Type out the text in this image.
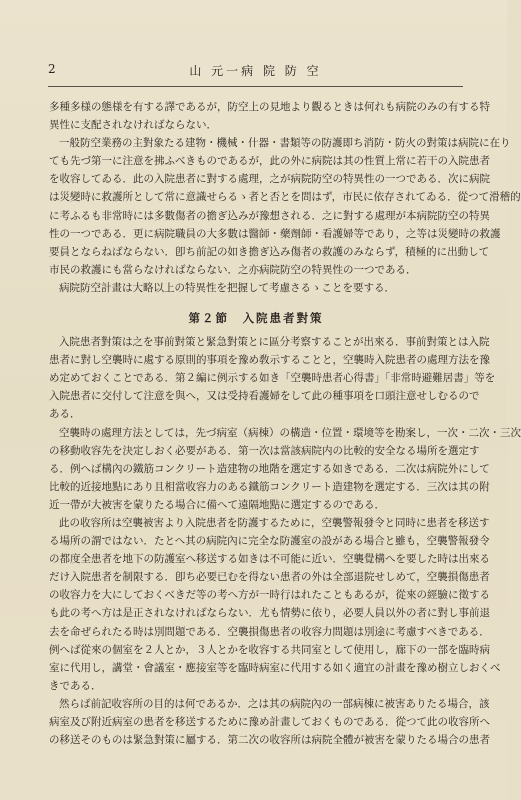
2	山 元一病 院 防 空
多種多様の態様を有する譯であるが，防空上の見地より觀るときは何れも病院のみの有する特
異性に支配されなければならない．
一般防空業務の主對象たる建物・機械・什器・書類等の防護即ち消防・防火の對策は病院に在り
ても先づ第一に注意を拂ふべきものであるが，此の外に病院は其の性質上常に若干の入院患者
を收容してゐる．此の入院患者に對する處理，之が病院防空の特異性の一つである．次に病院
は災變時に救護所として常に意識せらるゝ者と否とを問はず，市民に依存されてゐる．從つて滑稽的
に考ふるも非常時には多數傷者の擔ぎ込みが豫想される．之に對する處理が本病院防空の特異
性の一つである．更に病院職員の大多數は醫師・藥劑師・看護婦等であり，之等は災變時の救護
要員とならねばならない．卽ち前記の如き擔ぎ込み傷者の救護のみならず，積極的に出動して
市民の救護にも當らなければならない．之亦病院防空の特異性の一つである．
病院防空計畫は大略以上の特異性を把握して考慮さるゝことを要する．
第２節　入院患者對策
入院患者對策は之を事前對策と緊急對策とに區分考察することが出來る．事前對策とは入院
患者に對し空襲時に處する原則的事項を豫め敎示することと，空襲時入院患者の處理方法を豫
め定めておくことである．第２編に例示する如き「空襲時患者心得書」「非常時避難居書」等を
入院患者に交付して注意を與へ，又は受持看護婦をして此の種事項を口頭注意せしむるので
ある．
空襲時の處理方法としては，先づ病室（病棟）の構造・位置・環境等を勘案し，一次・二次・三次
の移動收容先を決定しおく必要がある．第一次は當該病院内の比較的安全なる場所を選定す
る．例へば構內の鐵筋コンクリート造建物の地階を選定する如きである．二次は病院外にして
比較的近接地點にあり且相當收容力のある鐵筋コンクリート造建物を選定する．三次は其の附
近一帶が大被害を蒙りたる場合に備へて遠隔地點に選定するのである．
此の收容所は空襲被害より入院患者を防護するために，空襲警報發令と同時に患者を移送す
る場所の謂ではない．たとへ其の病院內に完全な防護室の設がある場合と雖も，空襲警報發令
の都度全患者を地下の防護室へ移送する如きは不可能に近い．空襲覺構へを要した時は出來る
だけ入院患者を制限する．卽ち必要已むを得ない患者の外は全部退院せしめて，空襲損傷患者
の收容力を大にしておくべきだ等の考へ方が一時行はれたこともあるが，從來の經驗に徵する
も此の考へ方は是正されなければならない．尤も情勢に依り，必要人員以外の者に對し事前退
去を命ぜられたる時は別問題である．空襲損傷患者の收容力問題は別途に考慮すべきである．
例へば從來の個室を２人とか，３人とかを收容する共同室として使用し，廊下の一部を臨時病
室に代用し，講堂・會議室・應接室等を臨時病室に代用する如く適宜の計畫を豫め樹立しおくべ
きである．
然らば前記收容所の目的は何であるか．之は其の病院內の一部病棟に被害ありたる場合，該
病室及び附近病室の患者を移送するために豫め計畫しておくものである．從つて此の收容所へ
の移送そのものは緊急對策に屬する．第二次の收容所は病院全體が被害を蒙りたる場合の患者
